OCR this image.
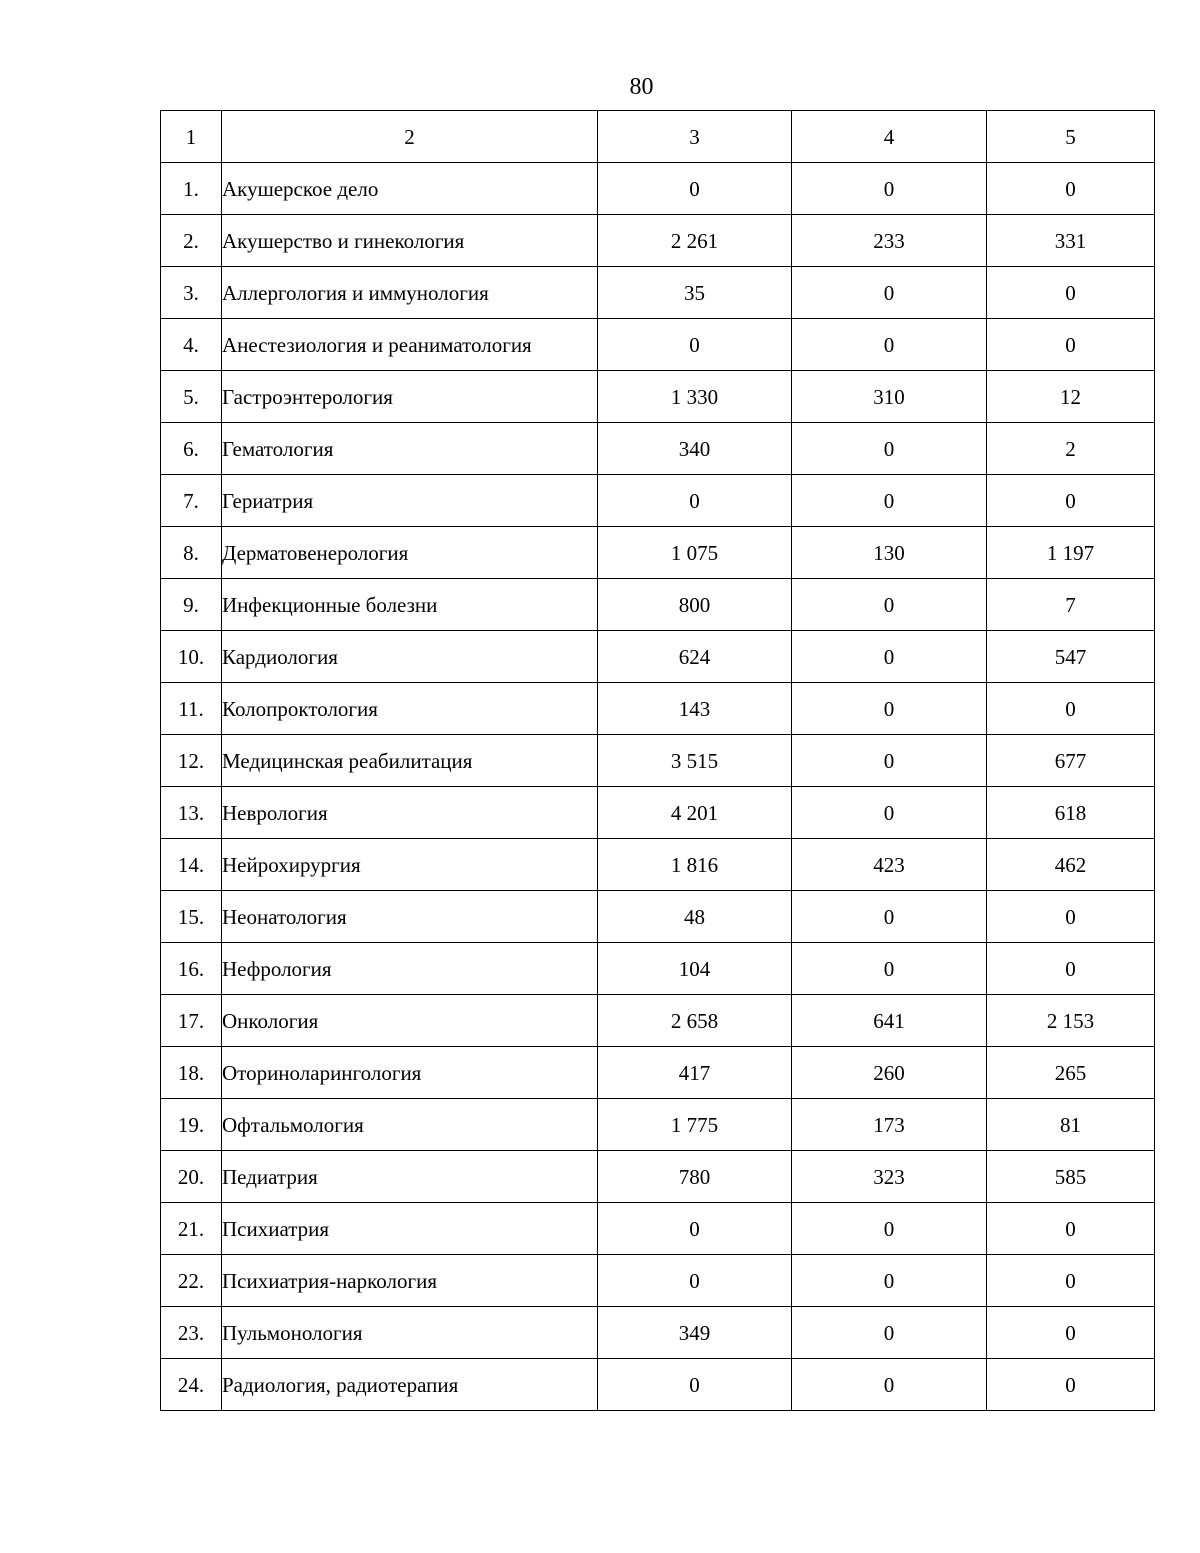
80
1	2	3	4	5
1.	Акушерское дело	0	0	0
2.	Акушерство и гинекология	2 261	233	331
3.	Аллергология и иммунология	35	0	0
4.	Анестезиология и реаниматология	0	0	0
5.	Гастроэнтерология	1 330	310	12
6.	Гематология	340	0	2
7.	Гериатрия	0	0	0
8.	Дерматовенерология	1 075	130	1 197
9.	Инфекционные болезни	800	0	7
10.	Кардиология	624	0	547
11.	Колопроктология	143	0	0
12.	Медицинская реабилитация	3 515	0	677
13.	Неврология	4 201	0	618
14.	Нейрохирургия	1 816	423	462
15.	Неонатология	48	0	0
16.	Нефрология	104	0	0
17.	Онкология	2 658	641	2 153
18.	Оториноларингология	417	260	265
19.	Офтальмология	1 775	173	81
20.	Педиатрия	780	323	585
21.	Психиатрия	0	0	0
22.	Психиатрия-наркология	0	0	0
23.	Пульмонология	349	0	0
24.	Радиология, радиотерапия	0	0	0
